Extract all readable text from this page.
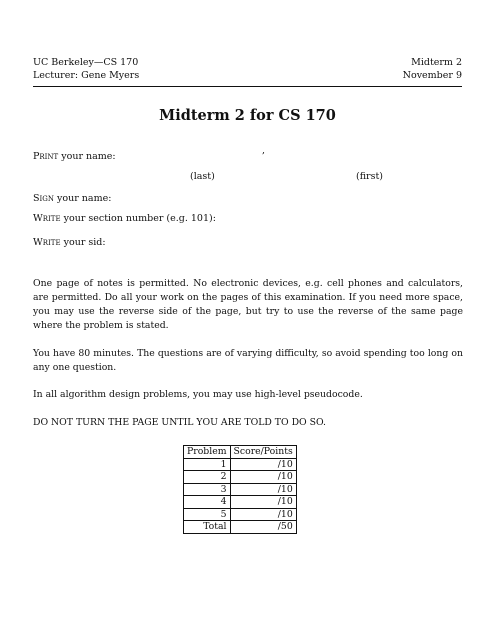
UC Berkeley—CS 170
Lecturer: Gene Myers
Midterm 2
November 9
Midterm 2 for CS 170
Print your name:
,
(last)	(first)
Sign your name:
Write your section number (e.g. 101):
Write your sid:
One page of notes is permitted. No electronic devices, e.g. cell phones and calculators, are permitted. Do all your work on the pages of this examination. If you need more space, you may use the reverse side of the page, but try to use the reverse of the same page where the problem is stated.
You have 80 minutes. The questions are of varying difficulty, so avoid spending too long on any one question.
In all algorithm design problems, you may use high-level pseudocode.
DO NOT TURN THE PAGE UNTIL YOU ARE TOLD TO DO SO.
Problem	Score/Points
1	/10
2	/10
3	/10
4	/10
5	/10
Total	/50
